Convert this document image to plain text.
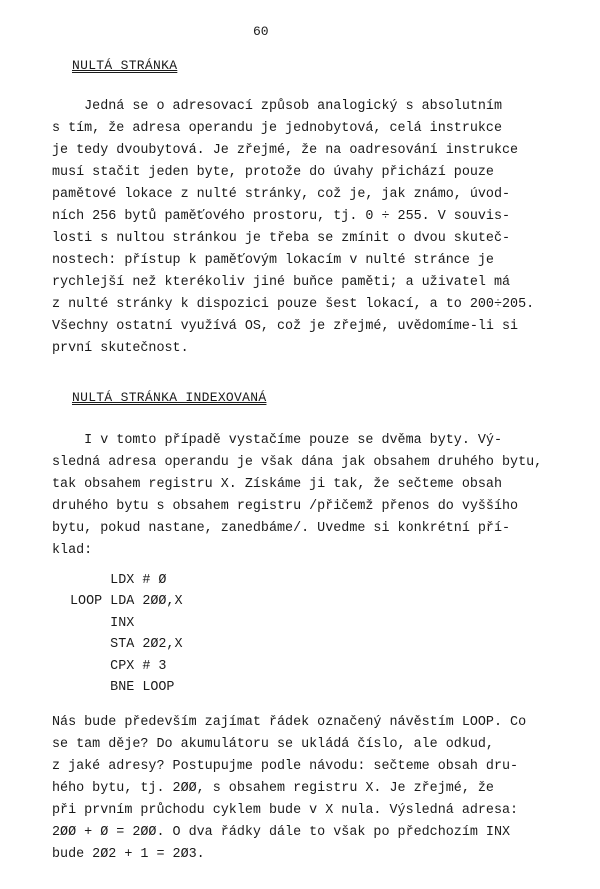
60
NULTÁ STRÁNKA
Jedná se o adresovací způsob analogický s absolutním
s tím, že adresa operandu je jednobytová, celá instrukce
je tedy dvoubytová. Je zřejmé, že na oadresování instrukce
musí stačit jeden byte, protože do úvahy přichází pouze
pamětové lokace z nulté stránky, což je, jak známo, úvod-
ních 256 bytů paměťového prostoru, tj. 0 ÷ 255. V souvis-
losti s nultou stránkou je třeba se zmínit o dvou skuteč-
nostech: přístup k paměťovým lokacím v nulté stránce je
rychlejší než kterékoliv jiné buňce paměti; a uživatel má
z nulté stránky k dispozici pouze šest lokací, a to 200÷205.
Všechny ostatní využívá OS, což je zřejmé, uvědomíme-li si
první skutečnost.
NULTÁ STRÁNKA INDEXOVANÁ
I v tomto případě vystačíme pouze se dvěma byty. Vý-
sledná adresa operandu je však dána jak obsahem druhého bytu,
tak obsahem registru X. Získáme ji tak, že sečteme obsah
druhého bytu s obsahem registru /přičemž přenos do vyššího
bytu, pokud nastane, zanedbáme/. Uvedme si konkrétní pří-
klad:
LDX # Ø
LOOP LDA 2ØØ,X
INX
STA 2Ø2,X
CPX # 3
BNE LOOP
Nás bude především zajímat řádek označený návěstím LOOP. Co
se tam děje? Do akumulátoru se ukládá číslo, ale odkud,
z jaké adresy? Postupujme podle návodu: sečteme obsah dru-
hého bytu, tj. 2ØØ, s obsahem registru X. Je zřejmé, že
při prvním průchodu cyklem bude v X nula. Výsledná adresa:
2ØØ + Ø = 2ØØ. O dva řádky dále to však po předchozím INX
bude 2Ø2 + 1 = 2Ø3.
